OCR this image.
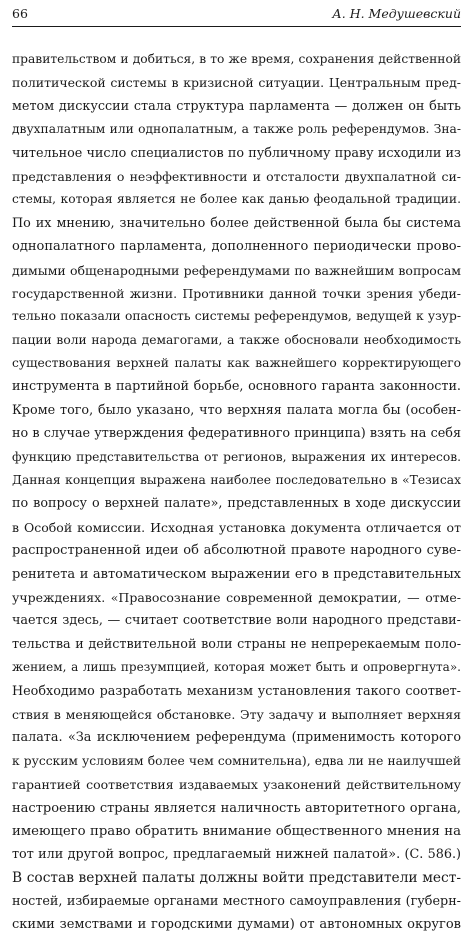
66	А. Н. Медушевский
правительством и добиться, в то же время, сохранения действенной
политической системы в кризисной ситуации. Центральным пред-
метом дискуссии стала структура парламента — должен он быть
двухпалатным или однопалатным, а также роль референдумов. Зна-
чительное число специалистов по публичному праву исходили из
представления о неэффективности и отсталости двухпалатной си-
стемы, которая является не более как данью феодальной традиции.
По их мнению, значительно более действенной была бы система
однопалатного парламента, дополненного периодически прово-
димыми общенародными референдумами по важнейшим вопросам
государственной жизни. Противники данной точки зрения убеди-
тельно показали опасность системы референдумов, ведущей к узур-
пации воли народа демагогами, а также обосновали необходимость
существования верхней палаты как важнейшего корректирующего
инструмента в партийной борьбе, основного гаранта законности.
Кроме того, было указано, что верхняя палата могла бы (особен-
но в случае утверждения федеративного принципа) взять на себя
функцию представительства от регионов, выражения их интересов.
Данная концепция выражена наиболее последовательно в «Тезисах
по вопросу о верхней палате», представленных в ходе дискуссии
в Особой комиссии. Исходная установка документа отличается от
распространенной идеи об абсолютной правоте народного суве-
ренитета и автоматическом выражении его в представительных
учреждениях. «Правосознание современной демократии, — отме-
чается здесь, — считает соответствие воли народного представи-
тельства и действительной воли страны не непререкаемым поло-
жением, а лишь презумпцией, которая может быть и опровергнута».
Необходимо разработать механизм установления такого соответ-
ствия в меняющейся обстановке. Эту задачу и выполняет верхняя
палата. «За исключением референдума (применимость которого
к русским условиям более чем сомнительна), едва ли не наилучшей
гарантией соответствия издаваемых узаконений действительному
настроению страны является наличность авторитетного органа,
имеющего право обратить внимание общественного мнения на
тот или другой вопрос, предлагаемый нижней палатой». (С. 586.)
В состав верхней палаты должны войти представители мест-
ностей, избираемые органами местного самоуправления (губерн-
скими земствами и городскими думами) от автономных округов
